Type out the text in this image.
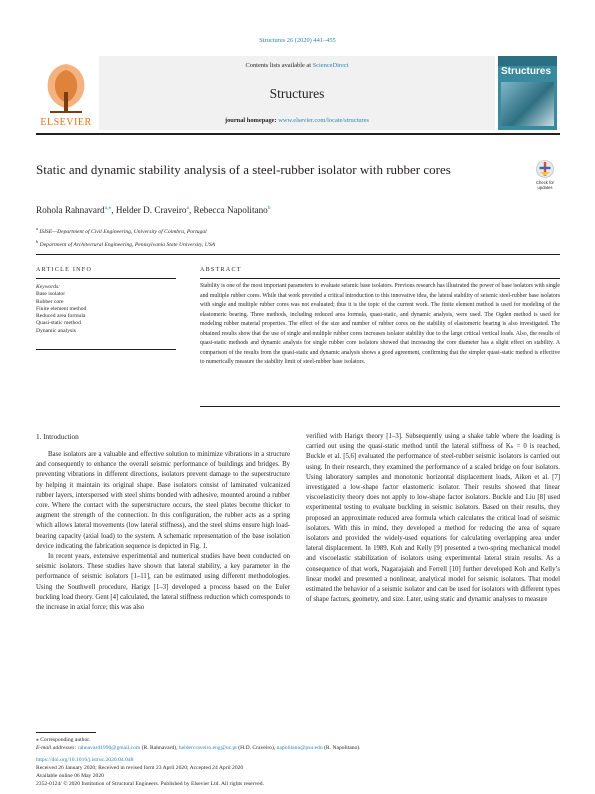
Structures 26 (2020) 441–455
ELSEVIER
Contents lists available at ScienceDirect
Structures
journal homepage: www.elsevier.com/locate/structures
Structures
Static and dynamic stability analysis of a steel-rubber isolator with rubber cores
Check for
updates
Rohola Rahnavard$^{a,⁎}$, Helder D. Craveiro$^a$, Rebecca Napolitano$^b$
$^a$ ISISE—Department of Civil Engineering, University of Coimbra, Portugal
$^b$ Department of Architectural Engineering, Pennsylvania State University, USA
ARTICLE INFO
Keywords:
Base isolator
Rubber core
Finite element method
Reduced area formula
Quasi-static method
Dynamic analysis
ABSTRACT
Stability is one of the most important parameters to evaluate seismic base isolators. Previous research has illustrated the power of base isolators with single and multiple rubber cores. While that work provided a critical introduction to this innovative idea, the lateral stability of seismic steel-rubber base isolators with single and multiple rubber cores was not evaluated; thus it is the topic of the current work. The finite element method is used for modeling of the elastomeric bearing. Three methods, including reduced area formula, quasi-static, and dynamic analysis, were used. The Ogden method is used for modeling rubber material properties. The effect of the size and number of rubber cores on the stability of elastomeric bearing is also investigated. The obtained results show that the use of single and multiple rubber cores increases isolator stability due to the large critical vertical loads. Also, the results of quasi-static methods and dynamic analysis for single rubber core isolators showed that increasing the core diameter has a slight effect on stability. A comparison of the results from the quasi-static and dynamic analysis shows a good agreement, confirming that the simpler quasi-static method is effective to numerically measure the stability limit of steel-rubber base isolators.
1. Introduction

Base isolators are a valuable and effective solution to minimize vibrations in a structure and consequently to enhance the overall seismic performance of buildings and bridges. By preventing vibrations in different directions, isolators prevent damage to the superstructure by helping it maintain its original shape. Base isolators consist of laminated vulcanized rubber layers, interspersed with steel shims bonded with adhesive, mounted around a rubber core. Where the contact with the superstructure occurs, the steel plates become thicker to augment the strength of the connection. In this configuration, the rubber acts as a spring which allows lateral movements (low lateral stiffness), and the steel shims ensure high load-bearing capacity (axial load) to the system. A schematic representation of the base isolation device indicating the fabrication sequence is depicted in Fig. 1.

In recent years, extensive experimental and numerical studies have been conducted on seismic isolators. These studies have shown that lateral stability, a key parameter in the performance of seismic isolators [1–11], can be estimated using different methodologies. Using the Southwell procedure, Harigx [1–3] developed a process based on the Euler buckling load theory. Gent [4] calculated, the lateral stiffness reduction which corresponds to the increase in axial force; this was also

verified with Harigx theory [1–3]. Subsequently using a shake table where the loading is carried out using the quasi-static method until the lateral stiffness of Kₕ = 0 is reached, Buckle et al. [5,6] evaluated the performance of steel-rubber seismic isolators is carried out using. In their research, they examined the performance of a scaled bridge on four isolators. Using laboratory samples and monotonic horizontal displacement loads, Aiken et al. [7] investigated a low-shape factor elastomeric isolator. Their results showed that linear viscoelasticity theory does not apply to low-shape factor isolators. Buckle and Liu [8] used experimental testing to evaluate buckling in seismic isolators. Based on their results, they proposed an approximate reduced area formula which calculates the critical load of seismic isolators. With this in mind, they developed a method for reducing the area of square isolators and provided the widely-used equations for calculating overlapping area under lateral displacement. In 1989, Koh and Kelly [9] presented a two-spring mechanical model and viscoelastic stabilization of isolators using experimental lateral strain results. As a consequence of that work, Nagarajaiah and Ferrell [10] further developed Koh and Kelly’s linear model and presented a nonlinear, analytical model for seismic isolators. That model estimated the behavior of a seismic isolator and can be used for isolators with different types of shape factors, geometry, and size. Later, using static and dynamic analyses to measure

⁎ Corresponding author.
E-mail addresses: rahnavard1990@gmail.com (R. Rahnavard), heldercraveiro.eng@uc.pt (H.D. Craveiro), napolitano@psu.edu (R. Napolitano).
https://doi.org/10.1016/j.istruc.2020.04.048
Received 26 January 2020; Received in revised form 23 April 2020; Accepted 24 April 2020
Available online 06 May 2020
2352-0124/ © 2020 Institution of Structural Engineers. Published by Elsevier Ltd. All rights reserved.
